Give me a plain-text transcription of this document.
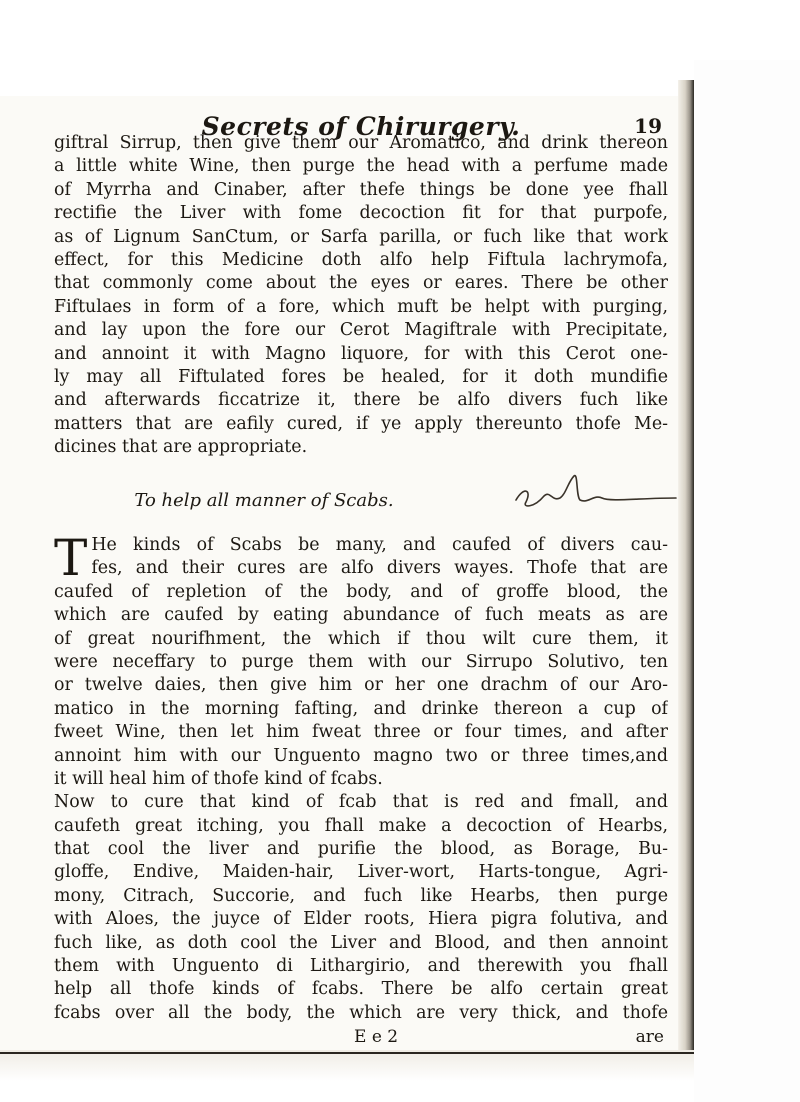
Secrets of Chirurgery.	19
giftral Sirrup, then give them our Aromatico, and drink thereon
a little white Wine, then purge the head with a perfume made
of Myrrha and Cinaber, after thefe things be done yee fhall
rectifie the Liver with fome decoction fit for that purpofe,
as of Lignum SanCtum, or Sarfa parilla, or fuch like that work
effect, for this Medicine doth alfo help Fiftula lachrymofa,
that commonly come about the eyes or eares. There be other
Fiftulaes in form of a fore, which muft be helpt with purging,
and lay upon the fore our Cerot Magiftrale with Precipitate,
and annoint it with Magno liquore, for with this Cerot one-
ly may all Fiftulated fores be healed, for it doth mundifie
and afterwards ficcatrize it, there be alfo divers fuch like
matters that are eafily cured, if ye apply thereunto thofe Me-
dicines that are appropriate.
To help all manner of Scabs.
T He kinds of Scabs be many, and caufed of divers cau-
fes, and their cures are alfo divers wayes. Thofe that are
caufed of repletion of the body, and of groffe blood, the
which are caufed by eating abundance of fuch meats as are
of great nourifhment, the which if thou wilt cure them, it
were neceffary to purge them with our Sirrupo Solutivo, ten
or twelve daies, then give him or her one drachm of our Aro-
matico in the morning fafting, and drinke thereon a cup of
fweet Wine, then let him fweat three or four times, and after
annoint him with our Unguento magno two or three times,and
it will heal him of thofe kind of fcabs.
Now to cure that kind of fcab that is red and fmall, and
caufeth great itching, you fhall make a decoction of Hearbs,
that cool the liver and purifie the blood, as Borage, Bu-
gloffe, Endive, Maiden-hair, Liver-wort, Harts-tongue, Agri-
mony, Citrach, Succorie, and fuch like Hearbs, then purge
with Aloes, the juyce of Elder roots, Hiera pigra folutiva, and
fuch like, as doth cool the Liver and Blood, and then annoint
them with Unguento di Lithargirio, and therewith you fhall
help all thofe kinds of fcabs. There be alfo certain great
fcabs over all the body, the which are very thick, and thofe
E e 2	are
